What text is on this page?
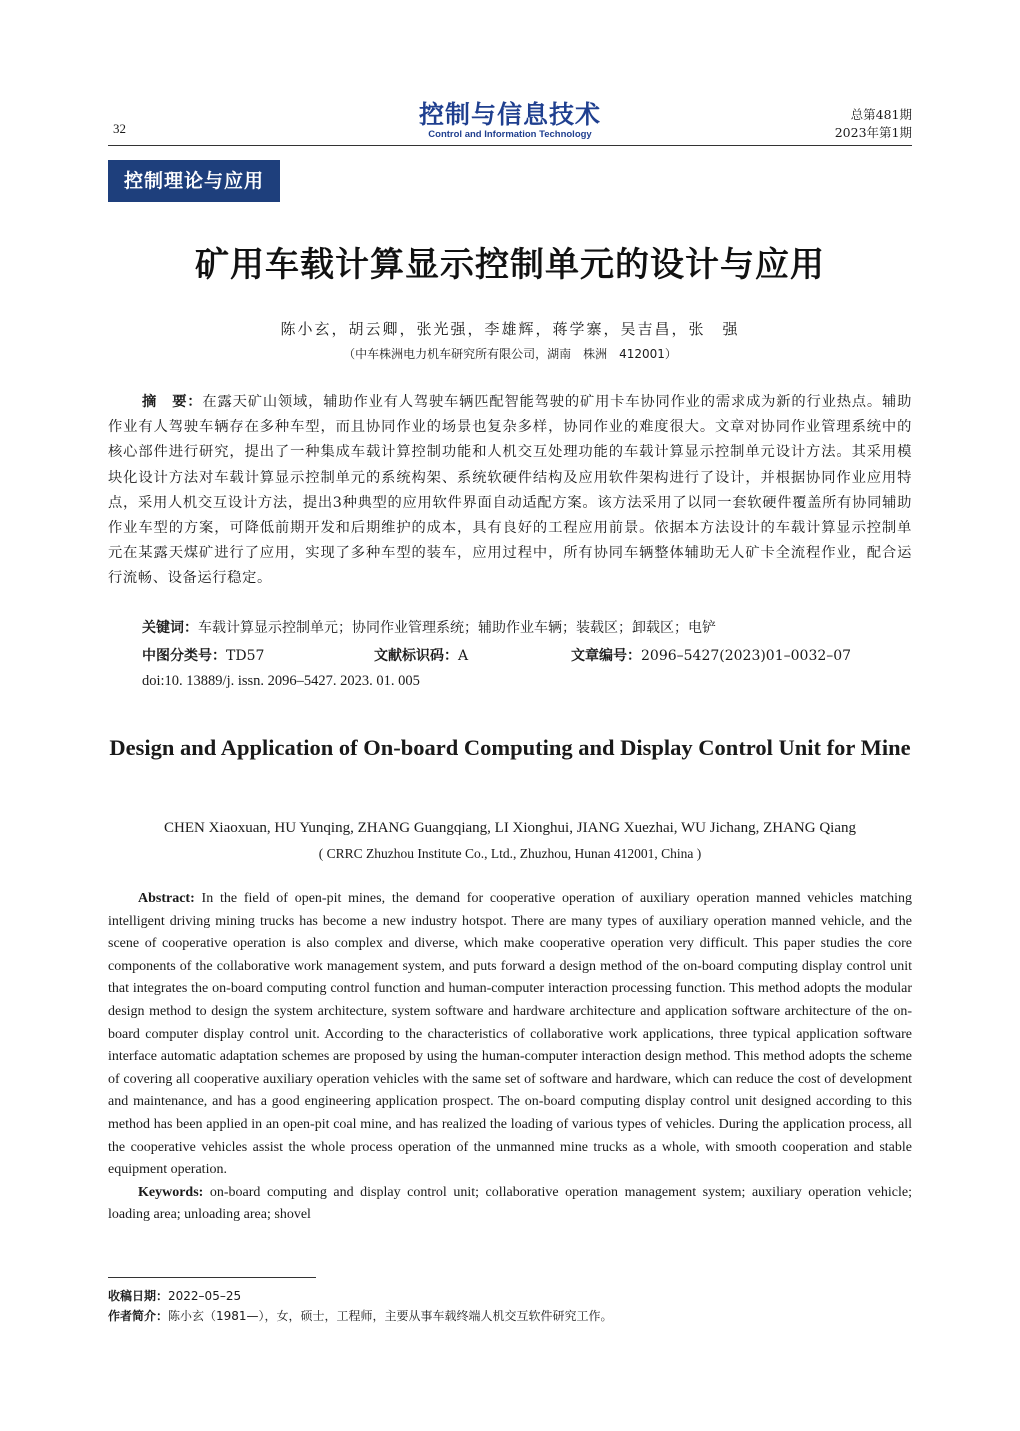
32	控制与信息技术
Control and Information Technology
总第481期
2023年第1期
控制理论与应用
矿用车载计算显示控制单元的设计与应用
陈小玄，胡云卿，张光强，李雄辉，蒋学寨，吴吉昌，张　强
（中车株洲电力机车研究所有限公司，湖南　株洲　412001）

摘　要：在露天矿山领域，辅助作业有人驾驶车辆匹配智能驾驶的矿用卡车协同作业的需求成为新的行业热点。辅助作业有人驾驶车辆存在多种车型，而且协同作业的场景也复杂多样，协同作业的难度很大。文章对协同作业管理系统中的核心部件进行研究，提出了一种集成车载计算控制功能和人机交互处理功能的车载计算显示控制单元设计方法。其采用模块化设计方法对车载计算显示控制单元的系统构架、系统软硬件结构及应用软件架构进行了设计，并根据协同作业应用特点，采用人机交互设计方法，提出3种典型的应用软件界面自动适配方案。该方法采用了以同一套软硬件覆盖所有协同辅助作业车型的方案，可降低前期开发和后期维护的成本，具有良好的工程应用前景。依据本方法设计的车载计算显示控制单元在某露天煤矿进行了应用，实现了多种车型的装车，应用过程中，所有协同车辆整体辅助无人矿卡全流程作业，配合运行流畅、设备运行稳定。

关键词：车载计算显示控制单元；协同作业管理系统；辅助作业车辆；装载区；卸载区；电铲
中图分类号：TD57	文献标识码：A	文章编号：2096–5427(2023)01–0032–07
doi:10. 13889/j. issn. 2096–5427. 2023. 01. 005
Design and Application of On-board Computing and Display Control Unit for Mine
CHEN Xiaoxuan, HU Yunqing, ZHANG Guangqiang, LI Xionghui, JIANG Xuezhai, WU Jichang, ZHANG Qiang
( CRRC Zhuzhou Institute Co., Ltd., Zhuzhou, Hunan 412001, China )

Abstract: In the field of open-pit mines, the demand for cooperative operation of auxiliary operation manned vehicles matching intelligent driving mining trucks has become a new industry hotspot. There are many types of auxiliary operation manned vehicle, and the scene of cooperative operation is also complex and diverse, which make cooperative operation very difficult. This paper studies the core components of the collaborative work management system, and puts forward a design method of the on-board computing display control unit that integrates the on-board computing control function and human-computer interaction processing function. This method adopts the modular design method to design the system architecture, system software and hardware architecture and application software architecture of the on-board computer display control unit. According to the characteristics of collaborative work applications, three typical application software interface automatic adaptation schemes are proposed by using the human-computer interaction design method. This method adopts the scheme of covering all cooperative auxiliary operation vehicles with the same set of software and hardware, which can reduce the cost of development and maintenance, and has a good engineering application prospect. The on-board computing display control unit designed according to this method has been applied in an open-pit coal mine, and has realized the loading of various types of vehicles. During the application process, all the cooperative vehicles assist the whole process operation of the unmanned mine trucks as a whole, with smooth cooperation and stable equipment operation.

Keywords: on-board computing and display control unit; collaborative operation management system; auxiliary operation vehicle; loading area; unloading area; shovel

收稿日期：2022–05–25
作者简介：陈小玄（1981—），女，硕士，工程师，主要从事车载终端人机交互软件研究工作。
